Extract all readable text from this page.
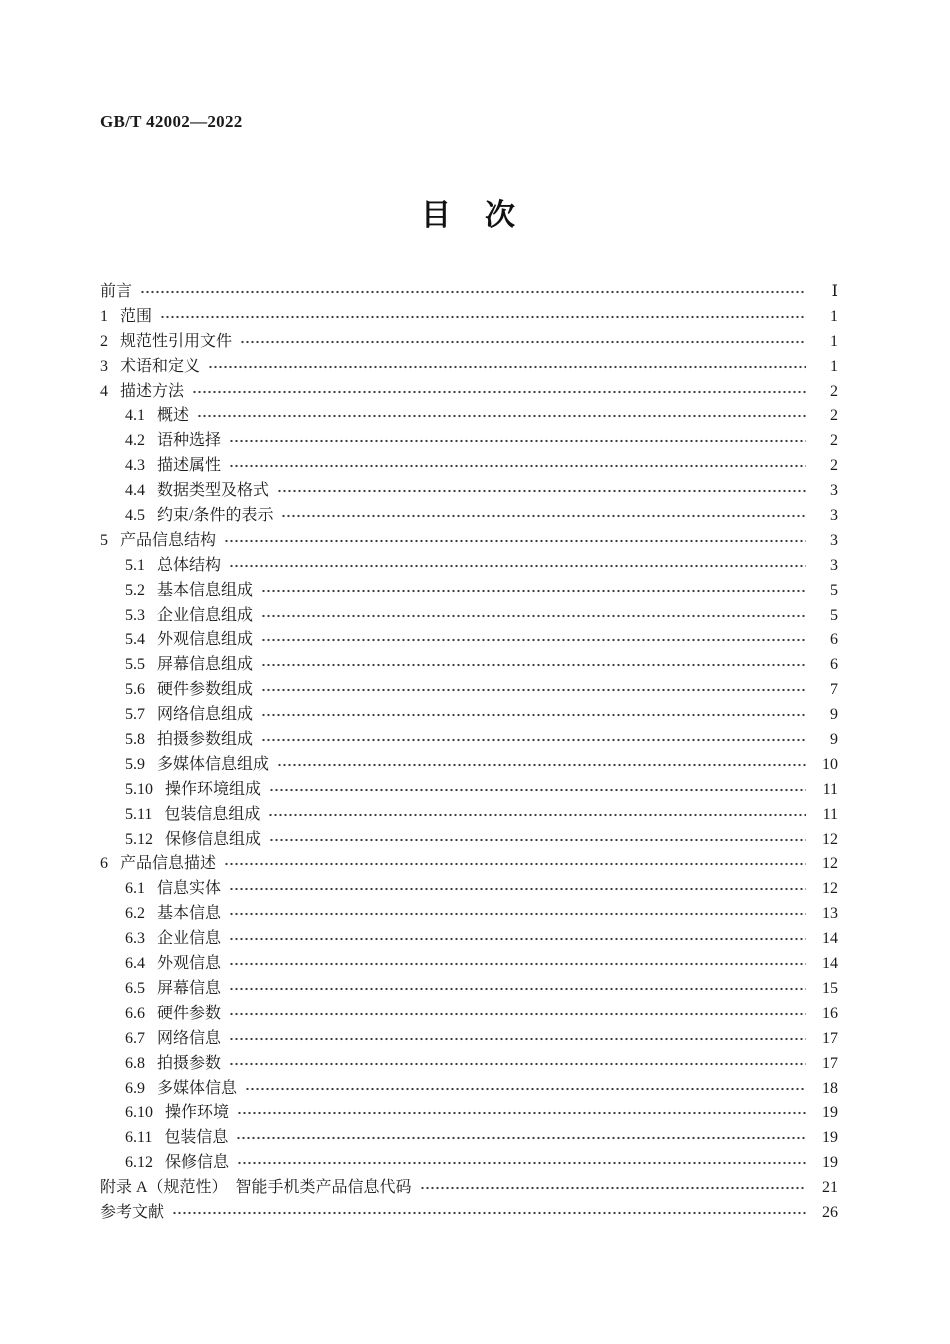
GB/T 42002—2022
目　次
前言	Ⅰ
1 范围	1
2 规范性引用文件	1
3 术语和定义	1
4 描述方法	2
4.1 概述	2
4.2 语种选择	2
4.3 描述属性	2
4.4 数据类型及格式	3
4.5 约束/条件的表示	3
5 产品信息结构	3
5.1 总体结构	3
5.2 基本信息组成	5
5.3 企业信息组成	5
5.4 外观信息组成	6
5.5 屏幕信息组成	6
5.6 硬件参数组成	7
5.7 网络信息组成	9
5.8 拍摄参数组成	9
5.9 多媒体信息组成	10
5.10 操作环境组成	11
5.11 包装信息组成	11
5.12 保修信息组成	12
6 产品信息描述	12
6.1 信息实体	12
6.2 基本信息	13
6.3 企业信息	14
6.4 外观信息	14
6.5 屏幕信息	15
6.6 硬件参数	16
6.7 网络信息	17
6.8 拍摄参数	17
6.9 多媒体信息	18
6.10 操作环境	19
6.11 包装信息	19
6.12 保修信息	19
附录 A（规范性）　智能手机类产品信息代码	21
参考文献	26
